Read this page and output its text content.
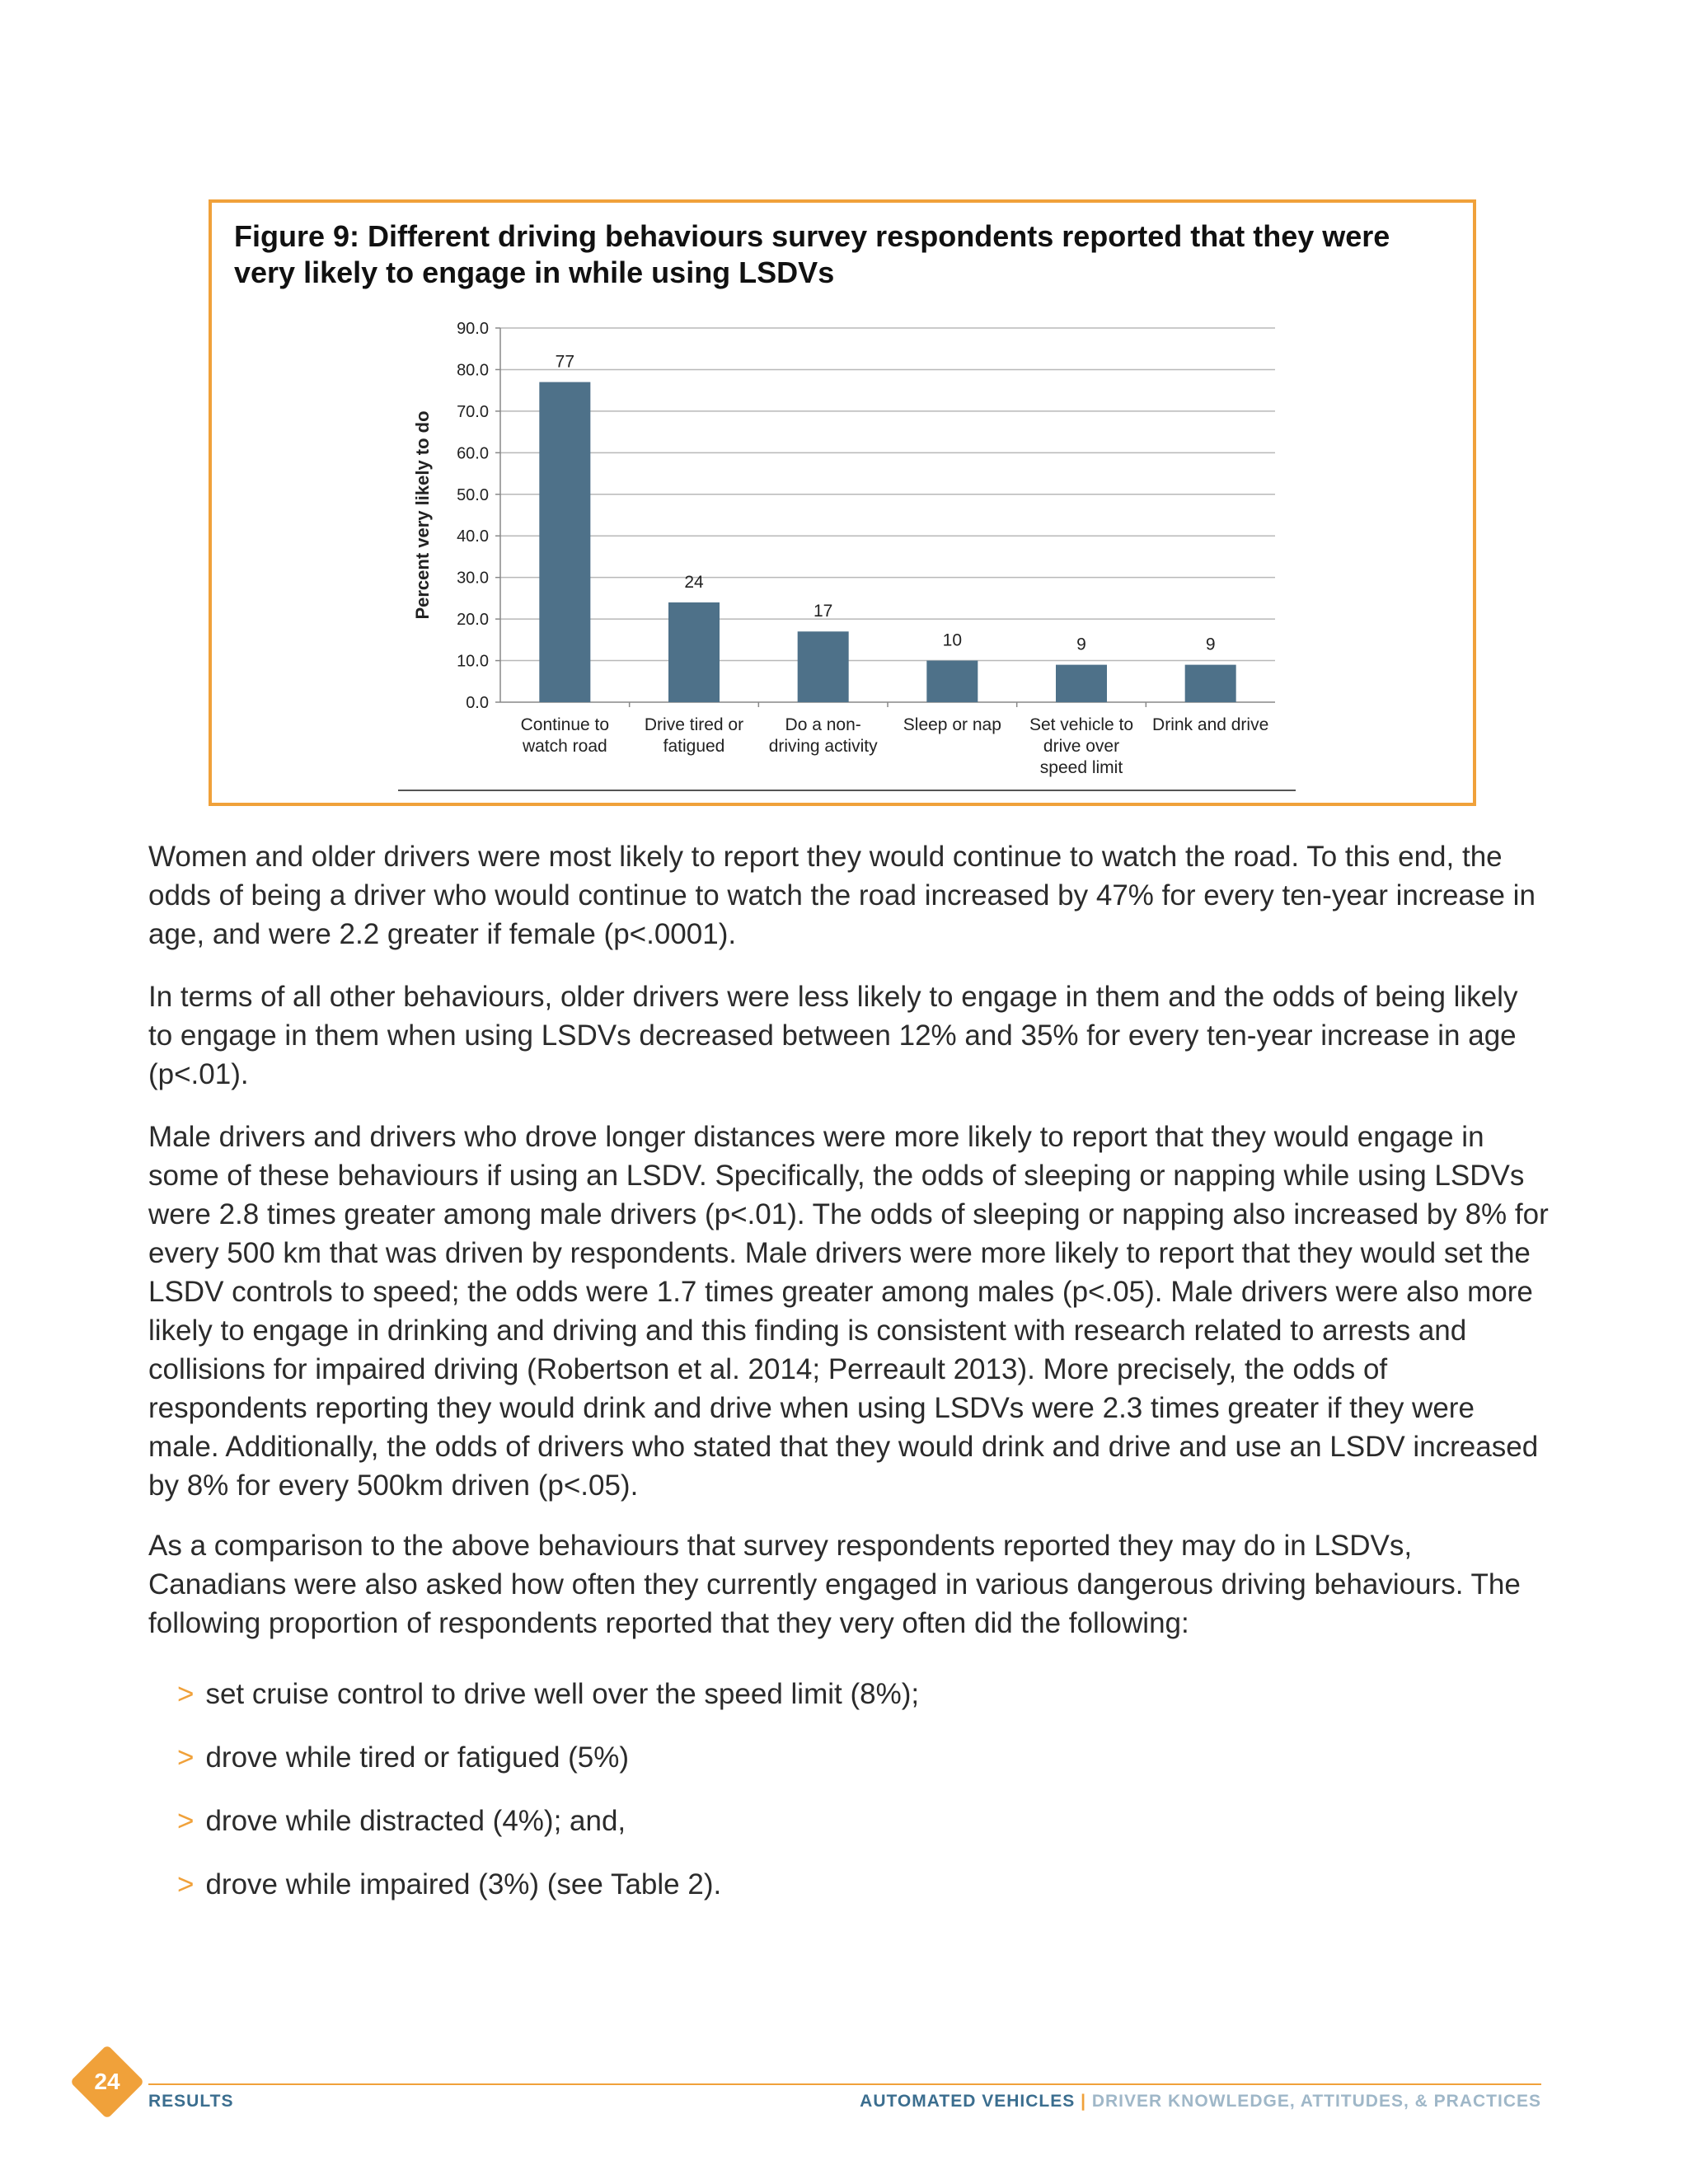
Figure 9: Different driving behaviours survey respondents reported that they were very likely to engage in while using LSDVs

0.0
10.0
20.0
30.0
40.0
50.0
60.0
70.0
80.0
90.0
Percent very likely to do
77
Continue to
watch road
24
Drive tired or
fatigued
17
Do a non-
driving activity
10
Sleep or nap
9
Set vehicle to
drive over
speed limit
9
Drink and drive

Women and older drivers were most likely to report they would continue to watch the road. To this end, the odds of being a driver who would continue to watch the road increased by 47% for every ten-year increase in age, and were 2.2 greater if female (p<.0001).

In terms of all other behaviours, older drivers were less likely to engage in them and the odds of being likely to engage in them when using LSDVs decreased between 12% and 35% for every ten-year increase in age (p<.01).

Male drivers and drivers who drove longer distances were more likely to report that they would engage in some of these behaviours if using an LSDV. Specifically, the odds of sleeping or napping while using LSDVs were 2.8 times greater among male drivers (p<.01). The odds of sleeping or napping also increased by 8% for every 500 km that was driven by respondents. Male drivers were more likely to report that they would set the LSDV controls to speed; the odds were 1.7 times greater among males (p<.05). Male drivers were also more likely to engage in drinking and driving and this finding is consistent with research related to arrests and collisions for impaired driving (Robertson et al. 2014; Perreault 2013). More precisely, the odds of respondents reporting they would drink and drive when using LSDVs were 2.3 times greater if they were male. Additionally, the odds of drivers who stated that they would drink and drive and use an LSDV increased by 8% for every 500km driven (p<.05).

As a comparison to the above behaviours that survey respondents reported they may do in LSDVs, Canadians were also asked how often they currently engaged in various dangerous driving behaviours. The following proportion of respondents reported that they very often did the following:

> set cruise control to drive well over the speed limit (8%);
> drove while tired or fatigued (5%)
> drove while distracted (4%); and,
> drove while impaired (3%) (see Table 2).
24
RESULTS	AUTOMATED VEHICLES | DRIVER KNOWLEDGE, ATTITUDES, & PRACTICES
